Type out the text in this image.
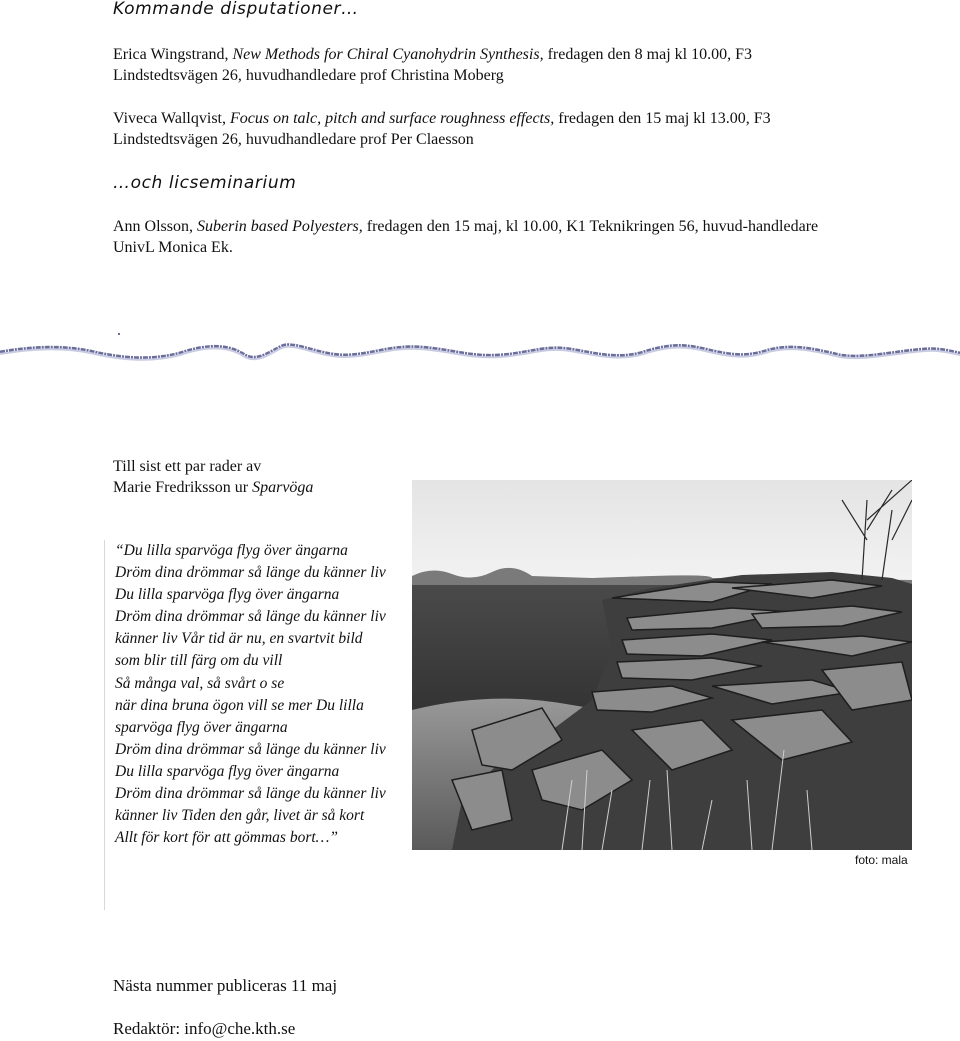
Kommande disputationer…
Erica Wingstrand, New Methods for Chiral Cyanohydrin Synthesis, fredagen den 8 maj kl 10.00, F3 Lindstedtsvägen 26, huvudhandledare prof Christina Moberg
Viveca Wallqvist, Focus on talc, pitch and surface roughness effects, fredagen den 15 maj kl 13.00, F3 Lindstedtsvägen 26, huvudhandledare prof Per Claesson
…och licseminarium
Ann Olsson, Suberin based Polyesters, fredagen den 15 maj, kl 10.00, K1 Teknikringen 56, huvud-handledare UnivL Monica Ek.
Till sist ett par rader av
Marie Fredriksson ur Sparvöga
“Du lilla sparvöga flyg över ängarna
Dröm dina drömmar så länge du känner liv
Du lilla sparvöga flyg över ängarna
Dröm dina drömmar så länge du känner liv
känner liv Vår tid är nu, en svartvit bild
som blir till färg om du vill
Så många val, så svårt o se
när dina bruna ögon vill se mer Du lilla
sparvöga flyg över ängarna
Dröm dina drömmar så länge du känner liv
Du lilla sparvöga flyg över ängarna
Dröm dina drömmar så länge du känner liv
känner liv Tiden den går, livet är så kort
Allt för kort för att gömmas bort…”
foto: mala
Nästa nummer publiceras 11 maj
Redaktör: info@che.kth.se
